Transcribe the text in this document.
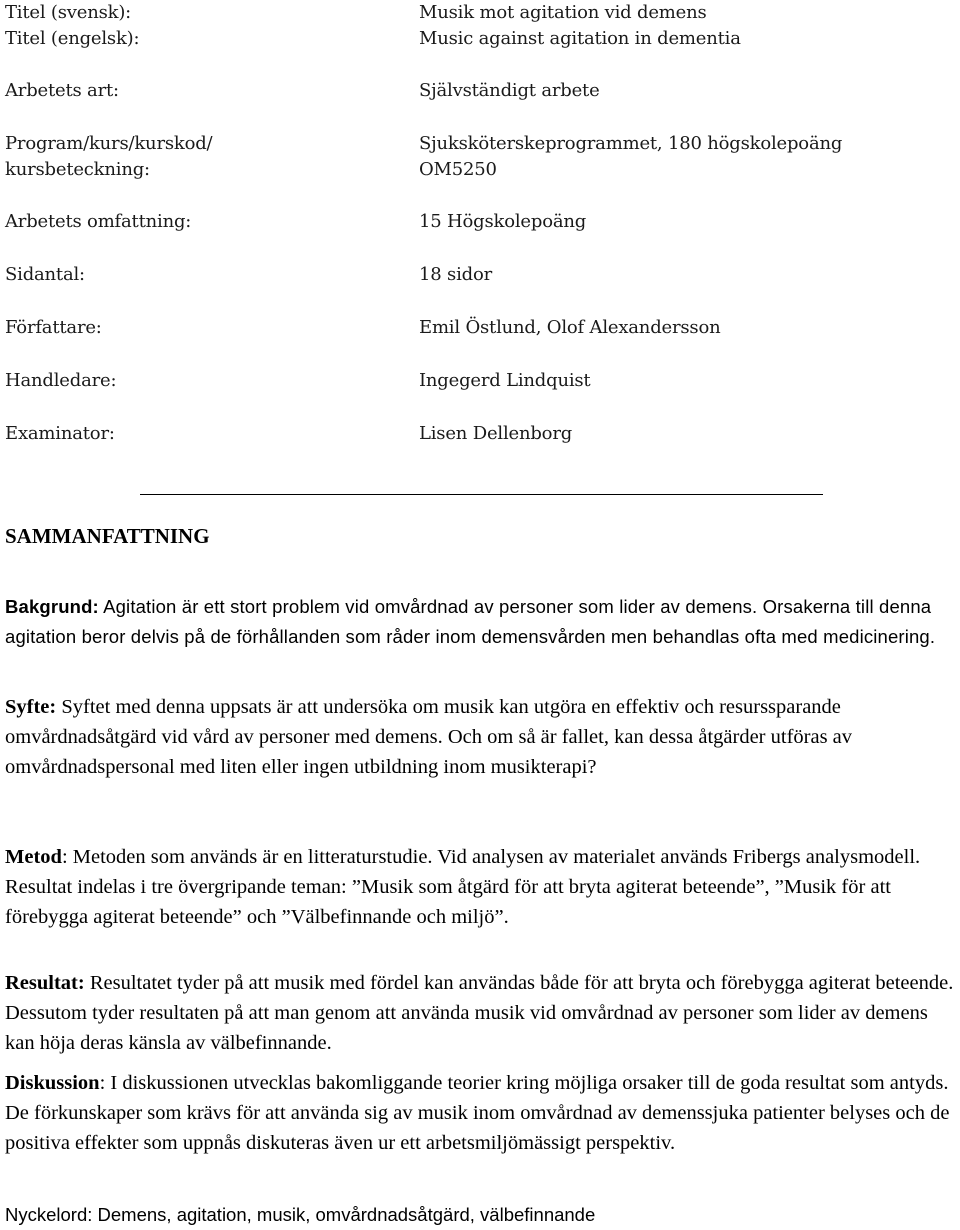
Titel (svensk):	Musik mot agitation vid demens
Titel (engelsk):	Music against agitation in dementia
Arbetets art:	Självständigt arbete
Program/kurs/kurskod/	Sjuksköterskeprogrammet, 180 högskolepoäng
kursbeteckning:	OM5250
Arbetets omfattning:	15 Högskolepoäng
Sidantal:	18 sidor
Författare:	Emil Östlund, Olof Alexandersson
Handledare:	Ingegerd Lindquist
Examinator:	Lisen Dellenborg
SAMMANFATTNING
Bakgrund: Agitation är ett stort problem vid omvårdnad av personer som lider av demens. Orsakerna till denna agitation beror delvis på de förhållanden som råder inom demensvården men behandlas ofta med medicinering.
Syfte: Syftet med denna uppsats är att undersöka om musik kan utgöra en effektiv och resurssparande omvårdnadsåtgärd vid vård av personer med demens. Och om så är fallet, kan dessa åtgärder utföras av omvårdnadspersonal med liten eller ingen utbildning inom musikterapi?
Metod: Metoden som används är en litteraturstudie. Vid analysen av materialet används Fribergs analysmodell. Resultat indelas i tre övergripande teman: ”Musik som åtgärd för att bryta agiterat beteende”, ”Musik för att förebygga agiterat beteende” och ”Välbefinnande och miljö”.
Resultat: Resultatet tyder på att musik med fördel kan användas både för att bryta och förebygga agiterat beteende. Dessutom tyder resultaten på att man genom att använda musik vid omvårdnad av personer som lider av demens kan höja deras känsla av välbefinnande.
Diskussion: I diskussionen utvecklas bakomliggande teorier kring möjliga orsaker till de goda resultat som antyds. De förkunskaper som krävs för att använda sig av musik inom omvårdnad av demenssjuka patienter belyses och de positiva effekter som uppnås diskuteras även ur ett arbetsmiljömässigt perspektiv.
Nyckelord: Demens, agitation, musik, omvårdnadsåtgärd, välbefinnande
